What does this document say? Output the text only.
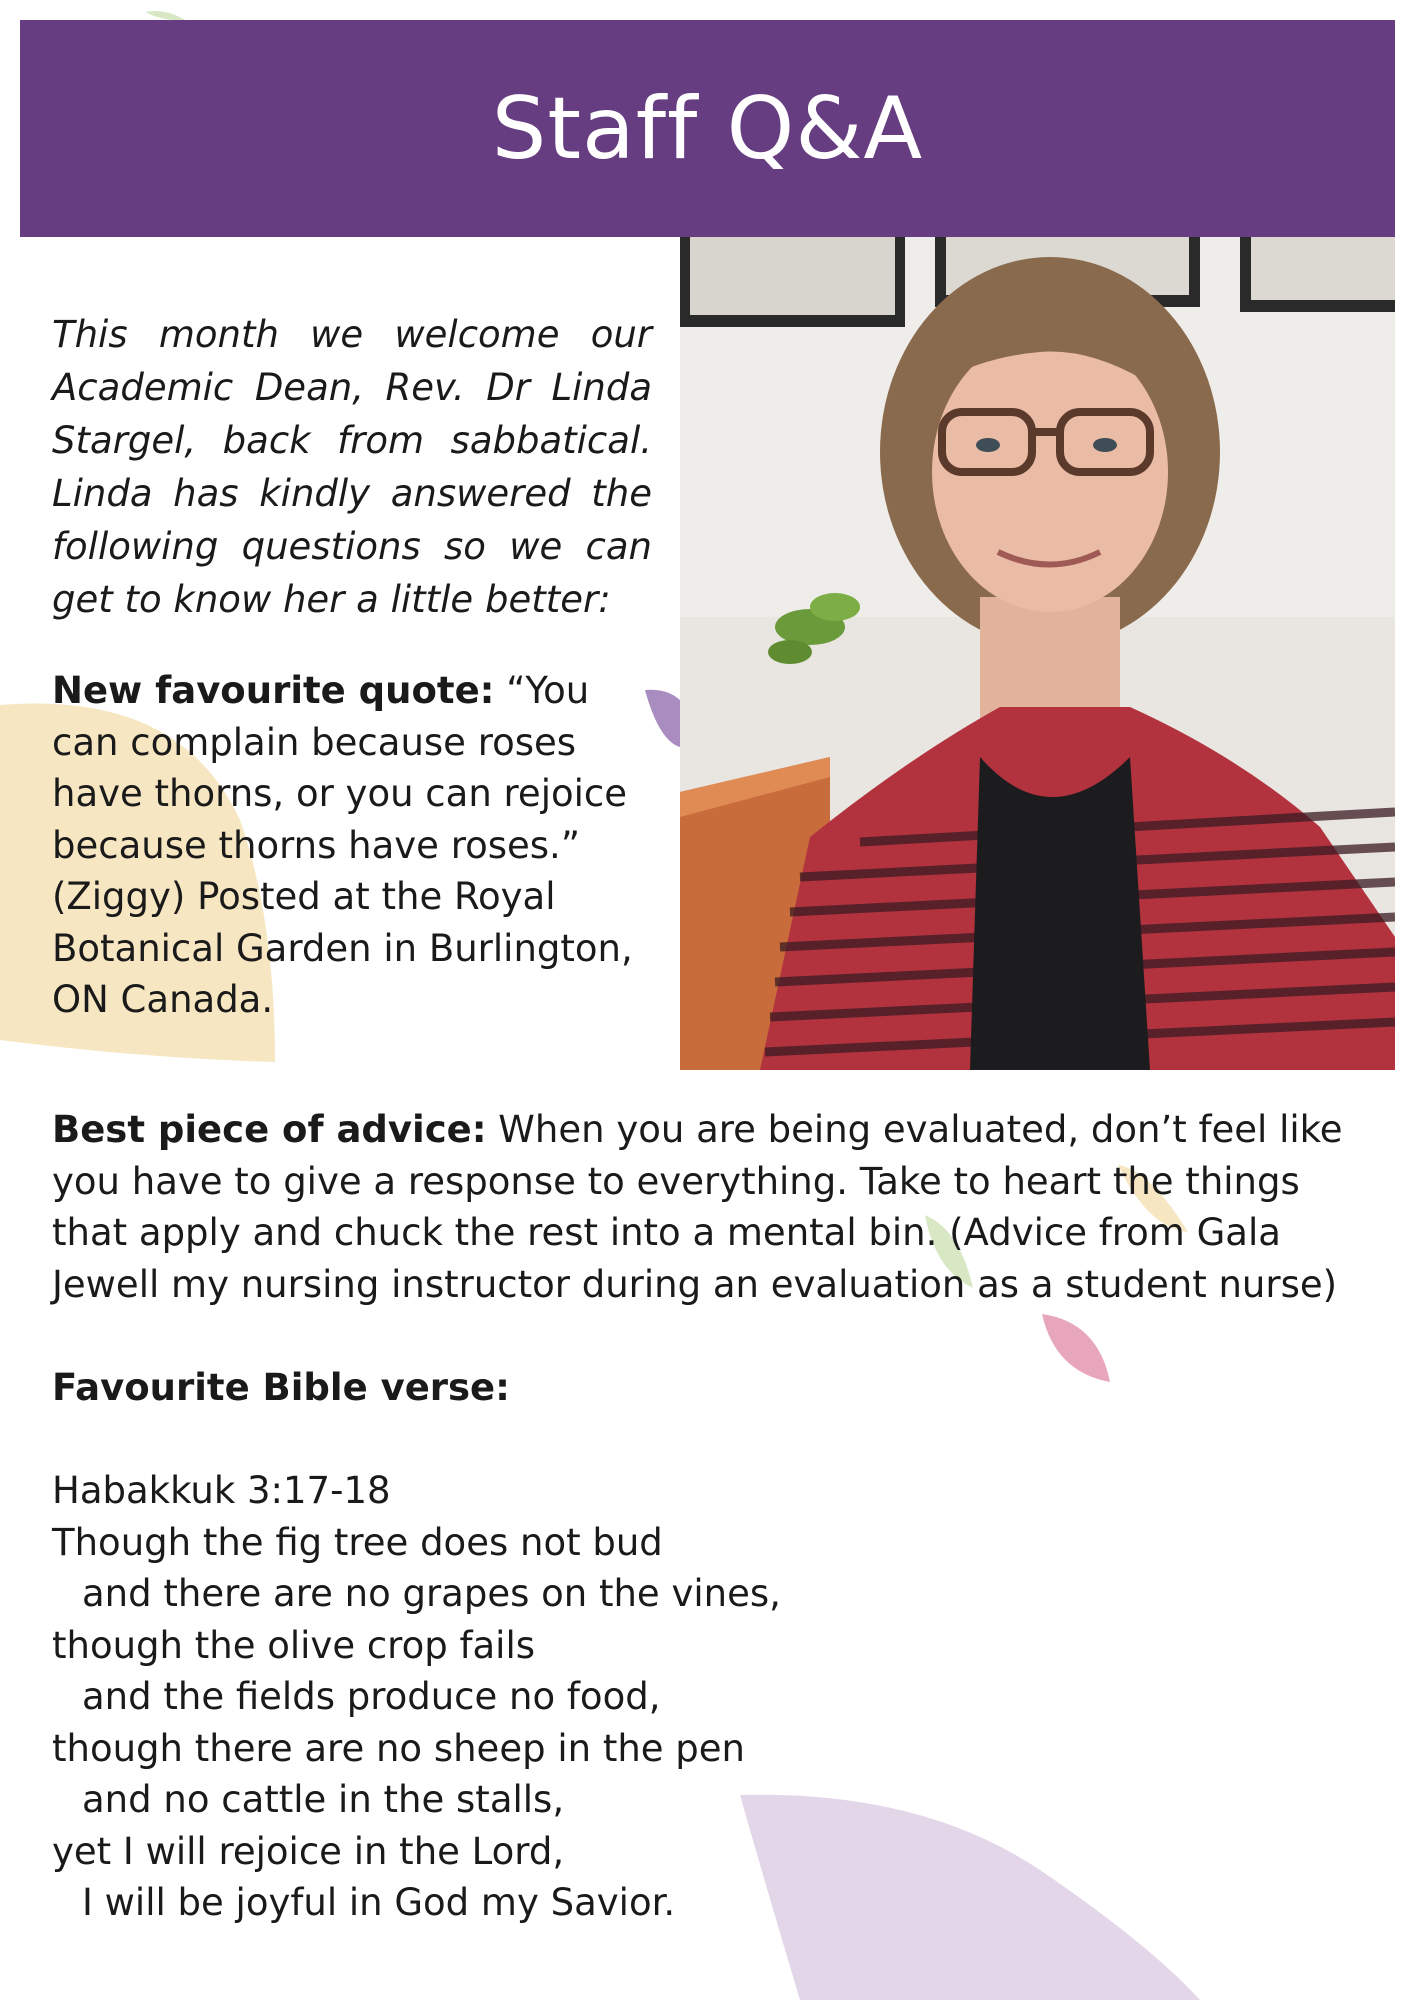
Staff Q&A
This month we welcome our Academic Dean, Rev. Dr Linda Stargel, back from sabbatical. Linda has kindly answered the following questions so we can get to know her a little better:
New favourite quote: “You can complain because roses have thorns, or you can rejoice because thorns have roses.” (Ziggy) Posted at the Royal Botanical Garden in Burlington, ON Canada.
Best piece of advice: When you are being evaluated, don’t feel like you have to give a response to everything. Take to heart the things that apply and chuck the rest into a mental bin. (Advice from Gala Jewell my nursing instructor during an evaluation as a student nurse)
Favourite Bible verse:
Habakkuk 3:17-18
Though the fig tree does not bud
and there are no grapes on the vines,
though the olive crop fails
and the fields produce no food,
though there are no sheep in the pen
and no cattle in the stalls,
yet I will rejoice in the Lord,
I will be joyful in God my Savior.
